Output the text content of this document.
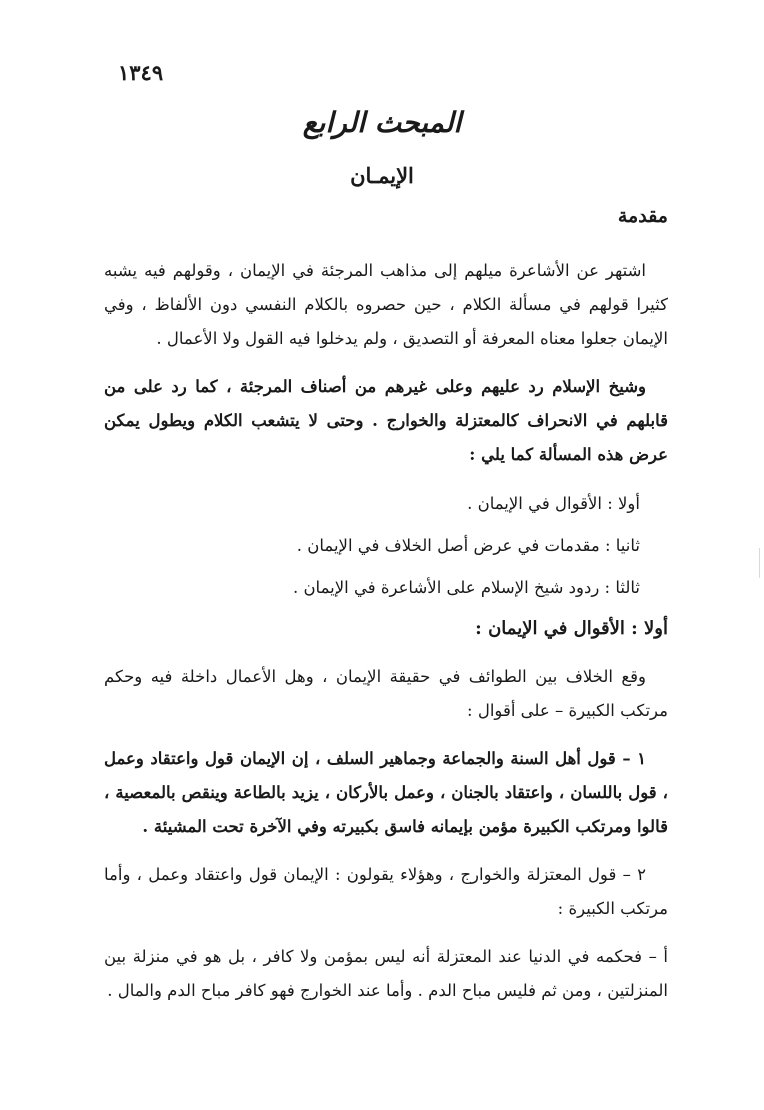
١٣٤٩
المبحث الرابع
الإيمـان
مقدمة

اشتهر عن الأشاعرة ميلهم إلى مذاهب المرجئة في الإيمان ، وقولهم فيه يشبه كثيرا قولهم في مسألة الكلام ، حين حصروه بالكلام النفسي دون الألفاظ ، وفي الإيمان جعلوا معناه المعرفة أو التصديق ، ولم يدخلوا فيه القول ولا الأعمال .

وشيخ الإسلام رد عليهم وعلى غيرهم من أصناف المرجئة ، كما رد على من قابلهم في الانحراف كالمعتزلة والخوارج . وحتى لا يتشعب الكلام ويطول يمكن عرض هذه المسألة كما يلي :

أولا : الأقوال في الإيمان .
ثانيا : مقدمات في عرض أصل الخلاف في الإيمان .
ثالثا : ردود شيخ الإسلام على الأشاعرة في الإيمان .
أولا : الأقوال في الإيمان :

وقع الخلاف بين الطوائف في حقيقة الإيمان ، وهل الأعمال داخلة فيه وحكم مرتكب الكبيرة – على أقوال :

١ – قول أهل السنة والجماعة وجماهير السلف ، إن الإيمان قول واعتقاد وعمل ، قول باللسان ، واعتقاد بالجنان ، وعمل بالأركان ، يزيد بالطاعة وينقص بالمعصية ، قالوا ومرتكب الكبيرة مؤمن بإيمانه فاسق بكبيرته وفي الآخرة تحت المشيئة .

٢ – قول المعتزلة والخوارج ، وهؤلاء يقولون : الإيمان قول واعتقاد وعمل ، وأما مرتكب الكبيرة :

أ – فحكمه في الدنيا عند المعتزلة أنه ليس بمؤمن ولا كافر ، بل هو في منزلة بين المنزلتين ، ومن ثم فليس مباح الدم . وأما عند الخوارج فهو كافر مباح الدم والمال .
